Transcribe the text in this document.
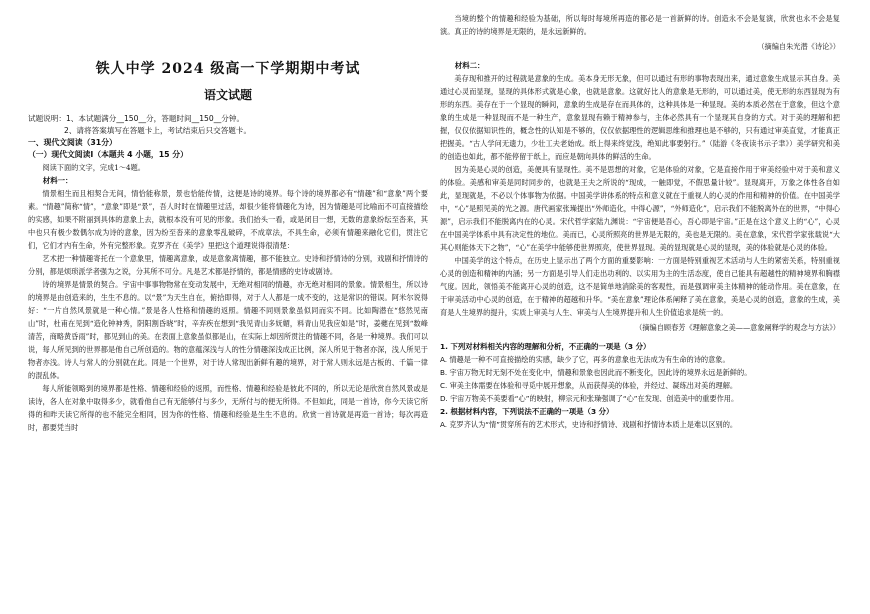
铁人中学 2024 级高一下学期期中考试
语文试题
试题说明：1、本试题满分__150__分，答题时间__150__分钟。
2、请将答案填写在答题卡上，考试结束后只交答题卡。
一、现代文阅读（31分）
（一）现代文阅读Ⅰ（本题共 4 小题，15 分）

阅读下面的文字，完成1～4题。

材料一：

情景相生而且相契合无间，情恰能称景，景也恰能传情，这便是诗的境界。每个诗的境界都必有“情趣”和“意象”两个要素。“情趣”简称“情”，“意象”即是“景”，吾人时时在情趣里过活，却很少能将情趣化为诗，因为情趣是可比喻而不可直接描绘的实感，如果不附丽到具体的意象上去，就根本没有可见的形象。我们抬头一看，或是闭目一想，无数的意象纷纭至沓来，其中也只有极少数偶尔成为诗的意象，因为纷至沓来的意象零乱破碎，不成章法，不具生命，必须有情趣来融化它们，贯注它们，它们才内有生命，外有完整形象。克罗齐在《美学》里把这个道理说得很清楚：

艺术把一种情趣寄托在一个意象里，情趣离意象，或是意象离情趣，都不能独立。史诗和抒情诗的分别，戏剧和抒情诗的分别，都是烦琐派学者强为之说，分其所不可分。凡是艺术都是抒情的，都是情感的史诗或剧诗。

诗的境界是情景的契合。宇宙中事事物物常在变动发展中，无绝对相同的情趣，亦无绝对相同的景象。情景相生，所以诗的境界是由创造来的，生生不息的。以“景”为天生自在，俯拾即得，对于人人都是一成不变的，这是常识的错误。阿米尔说得好：“一片自然风景就是一种心情。”景是各人性格和情趣的返照。情趣不同则景象虽似同而实不同。比如陶潜在“悠然见南山”时，杜甫在见到“造化钟神秀，阴阳割昏晓”时，辛弃疾在想到“我见青山多妩媚，料青山见我应如是”时，姜夔在见到“数峰清苦，商略黄昏雨”时，都见到山的美。在表面上意象虽似都是山，在实际上却因所贯注的情趣不同，各是一种境界。我们可以说，每人所见到的世界都是他自己所创造的。物的意蕴深浅与人的性分情趣深浅成正比例，深人所见于物者亦深，浅人所见于物者亦浅。诗人与常人的分别就在此。同是一个世界，对于诗人常现出新鲜有趣的境界，对于常人则永远是古板的、千篇一律的混乱体。

每人所能领略到的境界都是性格、情趣和经验的返照，而性格、情趣和经验是彼此不同的，所以无论是欣赏自然风景或是读诗，各人在对象中取得多少，就看他自己有无能够付与多少，无所付与的便无所得。不但如此，同是一首诗，你今天读它所得的和昨天读它所得的也不能完全相同，因为你的性格、情趣和经验是生生不息的。欣赏一首诗就是再造一首诗；每次再造时，都要凭当时

当境的整个的情趣和经验为基础，所以每时每境所再造的都必是一首新鲜的诗。创造永不会是复演，欣赏也永不会是复演。真正的诗的境界是无限的，是永远新鲜的。

（摘编自朱光潜《诗论》）
材料二：

美存现和推开的过程就是意象的生成。美本身无形无象，但可以通过有形的事物表现出来，通过意象生成显示其自身。美通过心灵而显现，显现的具体形式就是心象，也就是意象。这就好比人的意象是无形的，可以通过美，使无形的东西显现为有形的东西。美存在于一个显现的瞬间，意象的生成是存在而具体的，这种具体是一种显现。美的本质必然在于意象，但这个意象的生成是一种显现而不是一种生产，意象显现有赖于精神参与，主体必然具有一个显现其自身的方式。对于美的理解和把握，仅仅依据知识性的，概念性的认知是不够的，仅仅依据理性的逻辑思维和推理也是不够的，只有通过审美直觉，才能真正把握美。“古人学问无遗力，少壮工夫老始成。纸上得来终觉浅，绝知此事要躬行。”（陆游《冬夜读书示子聿》）美学研究和美的创造也如此，都不能停留于纸上，而应是朝向具体的鲜活的生命。

因为美是心灵的创造，美便具有显现性。美不是思想的对象，它是体验的对象，它是直接作用于审美经验中对于美和意义的体验。美感和审美是同时同步的，也就是王夫之所说的“现成，一触即觉，不假思量计较”。显现离开，万象之体性各自如此，显现就是，不必以个体事物为依据。中国美学讲体系的特点和意义就在于重视人的心灵的作用和精神的价值。在中国美学中，“心”是照见美的光之源。唐代画家张璪提出“外师造化，中得心源”，“外师造化”，启示我们不能脱离外在的世界，“中得心源”，启示我们不能脱离内在的心灵。宋代哲学家陆九渊说：“宇宙便是吾心，吾心即是宇宙。”正是在这个意义上的“心”，心灵在中国美学体系中具有决定性的地位。美而已，心灵所照亮的世界是无限的，美也是无限的。美在意象，宋代哲学家张载说“大其心则能体天下之物”，“心”在美学中能够使世界照亮，使世界显现。美的显现就是心灵的显现，美的体验就是心灵的体验。

中国美学的这个特点，在历史上显示出了两个方面的重要影响：一方面是特别重视艺术活动与人生的紧密关系，特别重视心灵的创造和精神的内涵；另一方面是引导人们走出功利的、以实用为主的生活态度，使自己能具有超越性的精神境界和胸襟气度。因此，领悟美不能离开心灵的创造，这不是简单地消除美的客观性，而是强调审美主体精神的能动作用。美在意象，在于审美活动中心灵的创造，在于精神的超越和升华。“美在意象”理论体系阐释了美在意象，美是心灵的创造，意象的生成，美育是人生境界的提升，实质上审美与人生、审美与人生境界提升和人生价值追求是统一的。

（摘编自顾春芳《理解意象之美——意象阐释学的观念与方法》）
1. 下列对材料相关内容的理解和分析，不正确的一项是（3 分）
A. 情趣是一种不可直接描绘的实感，缺少了它，再多的意象也无法成为有生命的诗的意象。
B. 宇宙万物无时无刻不处在变化中，情趣和景象也因此而不断变化，因此诗的境界永远是新鲜的。
C. 审美主体需要在体验和寻觅中展开想象，从而获得美的体验，并经过、凝练出对美的理解。
D. 宇宙万物美不美要看“心”的映射，柳宗元和张璪强调了“心”在发现、创造美中的重要作用。
2. 根据材料内容，下列说法不正确的一项是（3 分）
A. 克罗齐认为“情”贯穿所有的艺术形式，史诗和抒情诗、戏剧和抒情诗本质上是难以区别的。
